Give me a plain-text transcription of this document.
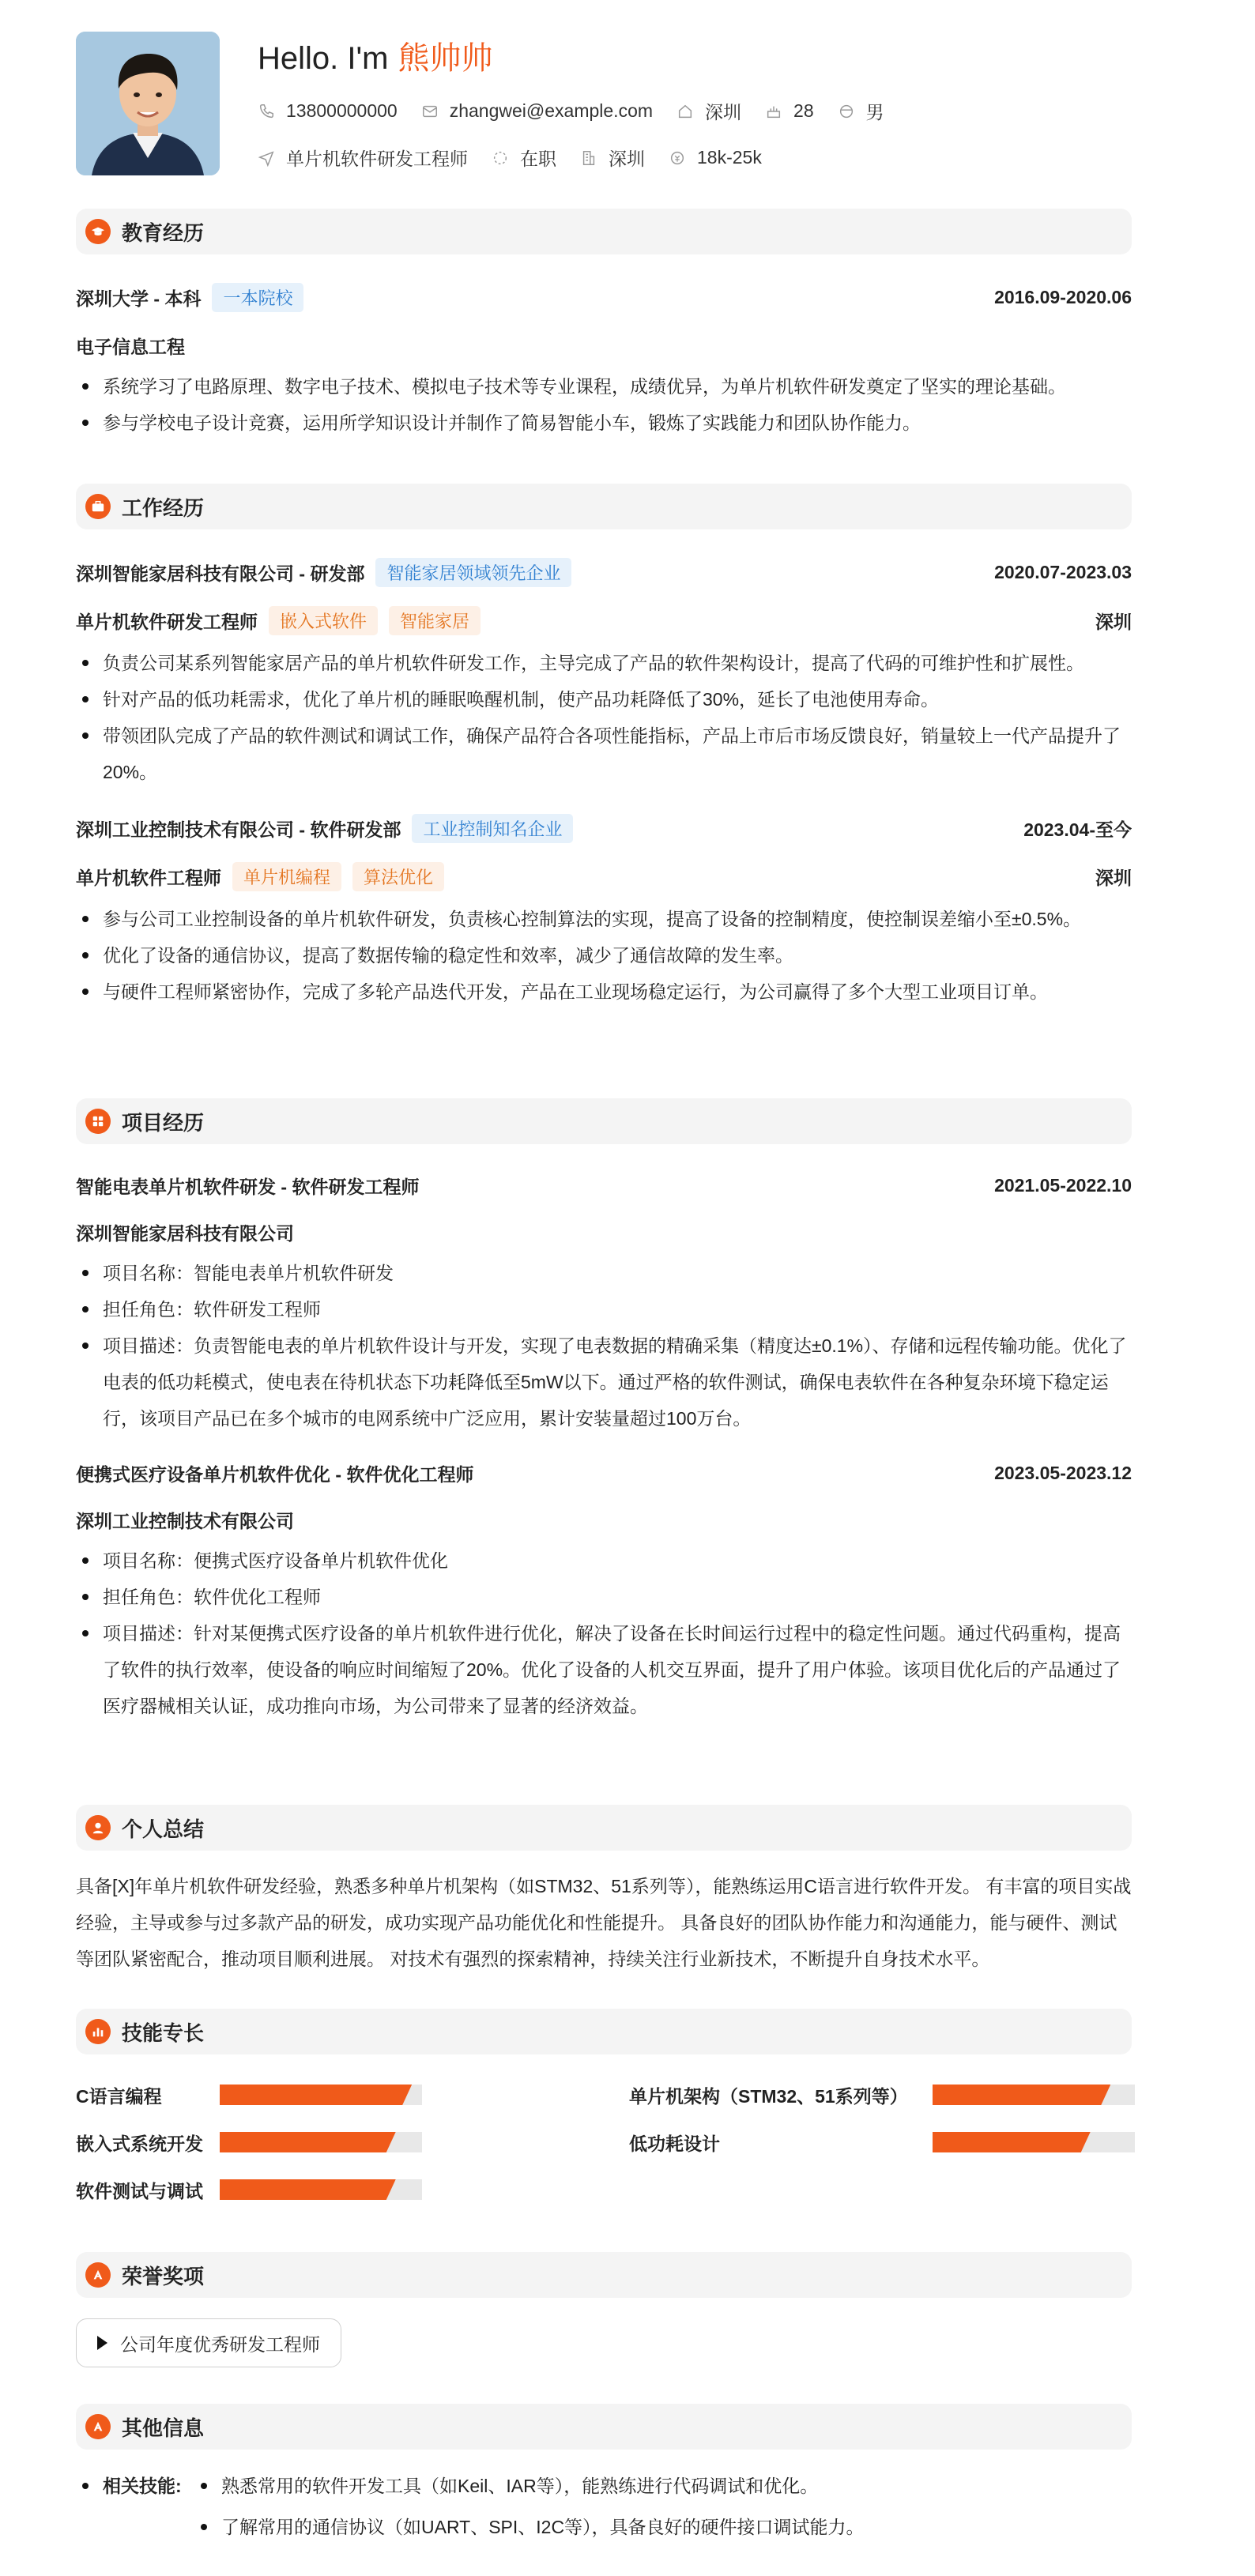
Hello. I'm 熊帅帅
13800000000	zhangwei@example.com	深圳	28	男
单片机软件研发工程师	在职	深圳	18k-25k
教育经历
深圳大学 - 本科	一本院校	2016.09-2020.06
电子信息工程
系统学习了电路原理、数字电子技术、模拟电子技术等专业课程，成绩优异，为单片机软件研发奠定了坚实的理论基础。
参与学校电子设计竞赛，运用所学知识设计并制作了简易智能小车，锻炼了实践能力和团队协作能力。
工作经历
深圳智能家居科技有限公司 - 研发部	智能家居领域领先企业	2020.07-2023.03
单片机软件研发工程师	嵌入式软件	智能家居	深圳
负责公司某系列智能家居产品的单片机软件研发工作，主导完成了产品的软件架构设计，提高了代码的可维护性和扩展性。
针对产品的低功耗需求，优化了单片机的睡眠唤醒机制，使产品功耗降低了30%，延长了电池使用寿命。
带领团队完成了产品的软件测试和调试工作，确保产品符合各项性能指标，产品上市后市场反馈良好，销量较上一代产品提升了20%。
深圳工业控制技术有限公司 - 软件研发部	工业控制知名企业	2023.04-至今
单片机软件工程师	单片机编程	算法优化	深圳
参与公司工业控制设备的单片机软件研发，负责核心控制算法的实现，提高了设备的控制精度，使控制误差缩小至±0.5%。
优化了设备的通信协议，提高了数据传输的稳定性和效率，减少了通信故障的发生率。
与硬件工程师紧密协作，完成了多轮产品迭代开发，产品在工业现场稳定运行，为公司赢得了多个大型工业项目订单。
项目经历
智能电表单片机软件研发 - 软件研发工程师	2021.05-2022.10
深圳智能家居科技有限公司
项目名称：智能电表单片机软件研发
担任角色：软件研发工程师
项目描述：负责智能电表的单片机软件设计与开发，实现了电表数据的精确采集（精度达±0.1%）、存储和远程传输功能。优化了电表的低功耗模式，使电表在待机状态下功耗降低至5mW以下。通过严格的软件测试，确保电表软件在各种复杂环境下稳定运行，该项目产品已在多个城市的电网系统中广泛应用，累计安装量超过100万台。
便携式医疗设备单片机软件优化 - 软件优化工程师	2023.05-2023.12
深圳工业控制技术有限公司
项目名称：便携式医疗设备单片机软件优化
担任角色：软件优化工程师
项目描述：针对某便携式医疗设备的单片机软件进行优化，解决了设备在长时间运行过程中的稳定性问题。通过代码重构，提高了软件的执行效率，使设备的响应时间缩短了20%。优化了设备的人机交互界面，提升了用户体验。该项目优化后的产品通过了医疗器械相关认证，成功推向市场，为公司带来了显著的经济效益。
个人总结

具备[X]年单片机软件研发经验，熟悉多种单片机架构（如STM32、51系列等），能熟练运用C语言进行软件开发。 有丰富的项目实战经验，主导或参与过多款产品的研发，成功实现产品功能优化和性能提升。 具备良好的团队协作能力和沟通能力，能与硬件、测试等团队紧密配合，推动项目顺利进展。 对技术有强烈的探索精神，持续关注行业新技术，不断提升自身技术水平。

技能专长
C语言编程	单片机架构（STM32、51系列等）
嵌入式系统开发	低功耗设计
软件测试与调试
荣誉奖项
公司年度优秀研发工程师
其他信息
相关技能:	熟悉常用的软件开发工具（如Keil、IAR等），能熟练进行代码调试和优化。
了解常用的通信协议（如UART、SPI、I2C等），具备良好的硬件接口调试能力。
